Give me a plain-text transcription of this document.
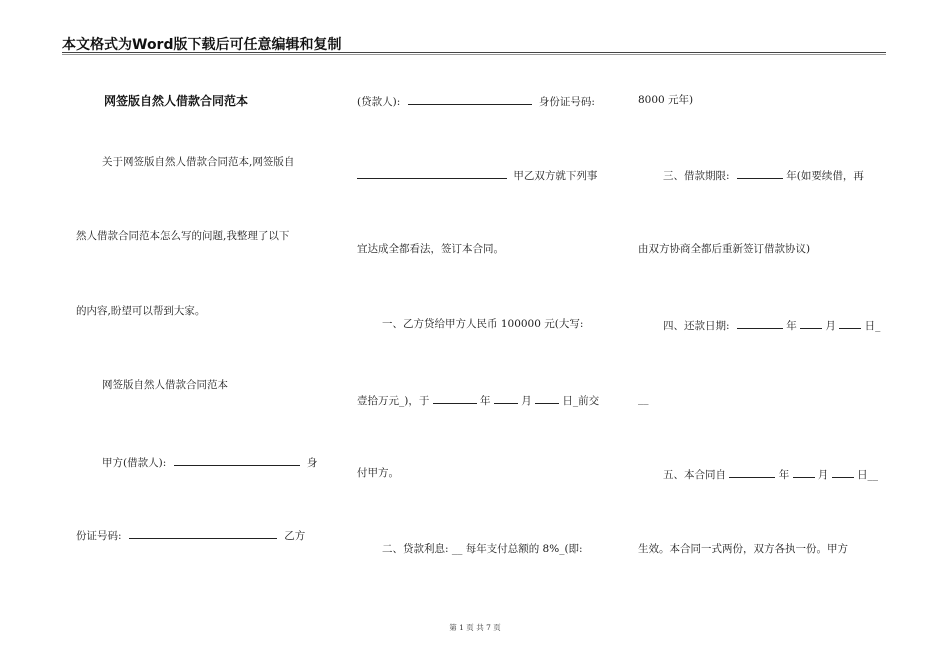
本文格式为Word版下载后可任意编辑和复制
网签版自然人借款合同范本
关于网签版自然人借款合同范本,网签版自
然人借款合同范本怎么写的问题,我整理了以下
的内容,盼望可以帮到大家。
网签版自然人借款合同范本
甲方(借款人):	身
份证号码:	乙方
(贷款人):	身份证号码:
甲乙双方就下列事
宜达成全都看法，签订本合同。
一、乙方贷给甲方人民币 100000 元(大写:
壹拾万元_)，于	年	月	日_前交
付甲方。
二、贷款利息: __ 每年支付总额的 8%_(即:
8000 元年)
三、借款期限:	年(如要续借，再
由双方协商全都后重新签订借款协议)
四、还款日期:	年	月	日_
__
五、本合同自	年	月	日__
生效。本合同一式两份，双方各执一份。甲方
第 1 页 共 7 页
